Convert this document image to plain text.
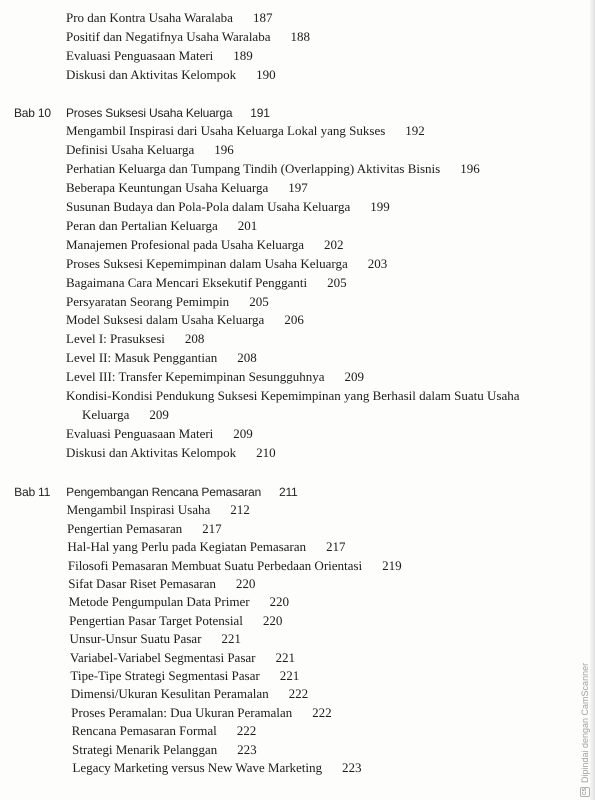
Pro dan Kontra Usaha Waralaba 187
Positif dan Negatifnya Usaha Waralaba 188
Evaluasi Penguasaan Materi 189
Diskusi dan Aktivitas Kelompok 190
Bab 10 Proses Suksesi Usaha Keluarga 191
Mengambil Inspirasi dari Usaha Keluarga Lokal yang Sukses 192
Definisi Usaha Keluarga 196
Perhatian Keluarga dan Tumpang Tindih (Overlapping) Aktivitas Bisnis 196
Beberapa Keuntungan Usaha Keluarga 197
Susunan Budaya dan Pola-Pola dalam Usaha Keluarga 199
Peran dan Pertalian Keluarga 201
Manajemen Profesional pada Usaha Keluarga 202
Proses Suksesi Kepemimpinan dalam Usaha Keluarga 203
Bagaimana Cara Mencari Eksekutif Pengganti 205
Persyaratan Seorang Pemimpin 205
Model Suksesi dalam Usaha Keluarga 206
Level I: Prasuksesi 208
Level II: Masuk Penggantian 208
Level III: Transfer Kepemimpinan Sesungguhnya 209
Kondisi-Kondisi Pendukung Suksesi Kepemimpinan yang Berhasil dalam Suatu Usaha Keluarga 209
Evaluasi Penguasaan Materi 209
Diskusi dan Aktivitas Kelompok 210
Bab 11 Pengembangan Rencana Pemasaran 211
Mengambil Inspirasi Usaha 212
Pengertian Pemasaran 217
Hal-Hal yang Perlu pada Kegiatan Pemasaran 217
Filosofi Pemasaran Membuat Suatu Perbedaan Orientasi 219
Sifat Dasar Riset Pemasaran 220
Metode Pengumpulan Data Primer 220
Pengertian Pasar Target Potensial 220
Unsur-Unsur Suatu Pasar 221
Variabel-Variabel Segmentasi Pasar 221
Tipe-Tipe Strategi Segmentasi Pasar 221
Dimensi/Ukuran Kesulitan Peramalan 222
Proses Peramalan: Dua Ukuran Peramalan 222
Rencana Pemasaran Formal 222
Strategi Menarik Pelanggan 223
Legacy Marketing versus New Wave Marketing 223
CS
Dipindai dengan CamScanner
